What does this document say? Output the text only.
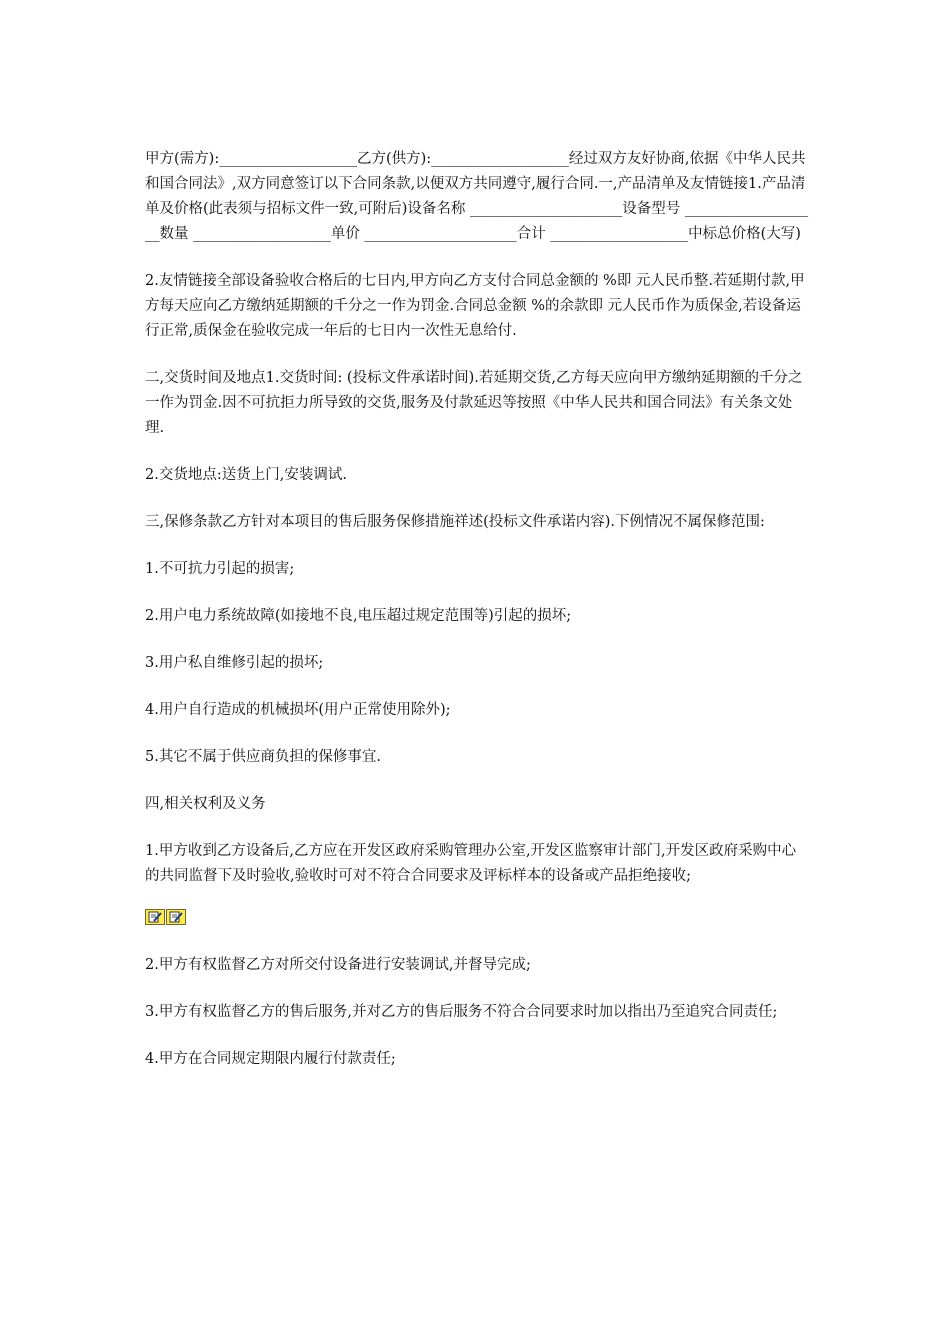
甲方(需方):___________________乙方(供方):___________________经过双方友好协商,依据《中华人民共和国合同法》,双方同意签订以下合同条款,以便双方共同遵守,履行合同.一,产品清单及友情链接1.产品清单及价格(此表须与招标文件一致,可附后)设备名称 _____________________设备型号 ___________________数量 ___________________单价 _____________________合计 ___________________中标总价格(大写)

2.友情链接全部设备验收合格后的七日内,甲方向乙方支付合同总金额的 %即 元人民币整.若延期付款,甲方每天应向乙方缴纳延期额的千分之一作为罚金.合同总金额 %的余款即 元人民币作为质保金,若设备运行正常,质保金在验收完成一年后的七日内一次性无息给付.

二,交货时间及地点1.交货时间: (投标文件承诺时间).若延期交货,乙方每天应向甲方缴纳延期额的千分之一作为罚金.因不可抗拒力所导致的交货,服务及付款延迟等按照《中华人民共和国合同法》有关条文处理.

2.交货地点:送货上门,安装调试.

三,保修条款乙方针对本项目的售后服务保修措施祥述(投标文件承诺内容).下例情况不属保修范围:

1.不可抗力引起的损害;

2.用户电力系统故障(如接地不良,电压超过规定范围等)引起的损坏;

3.用户私自维修引起的损坏;

4.用户自行造成的机械损坏(用户正常使用除外);

5.其它不属于供应商负担的保修事宜.

四,相关权利及义务

1.甲方收到乙方设备后,乙方应在开发区政府采购管理办公室,开发区监察审计部门,开发区政府采购中心的共同监督下及时验收,验收时可对不符合合同要求及评标样本的设备或产品拒绝接收;

2.甲方有权监督乙方对所交付设备进行安装调试,并督导完成;

3.甲方有权监督乙方的售后服务,并对乙方的售后服务不符合合同要求时加以指出乃至追究合同责任;

4.甲方在合同规定期限内履行付款责任;
